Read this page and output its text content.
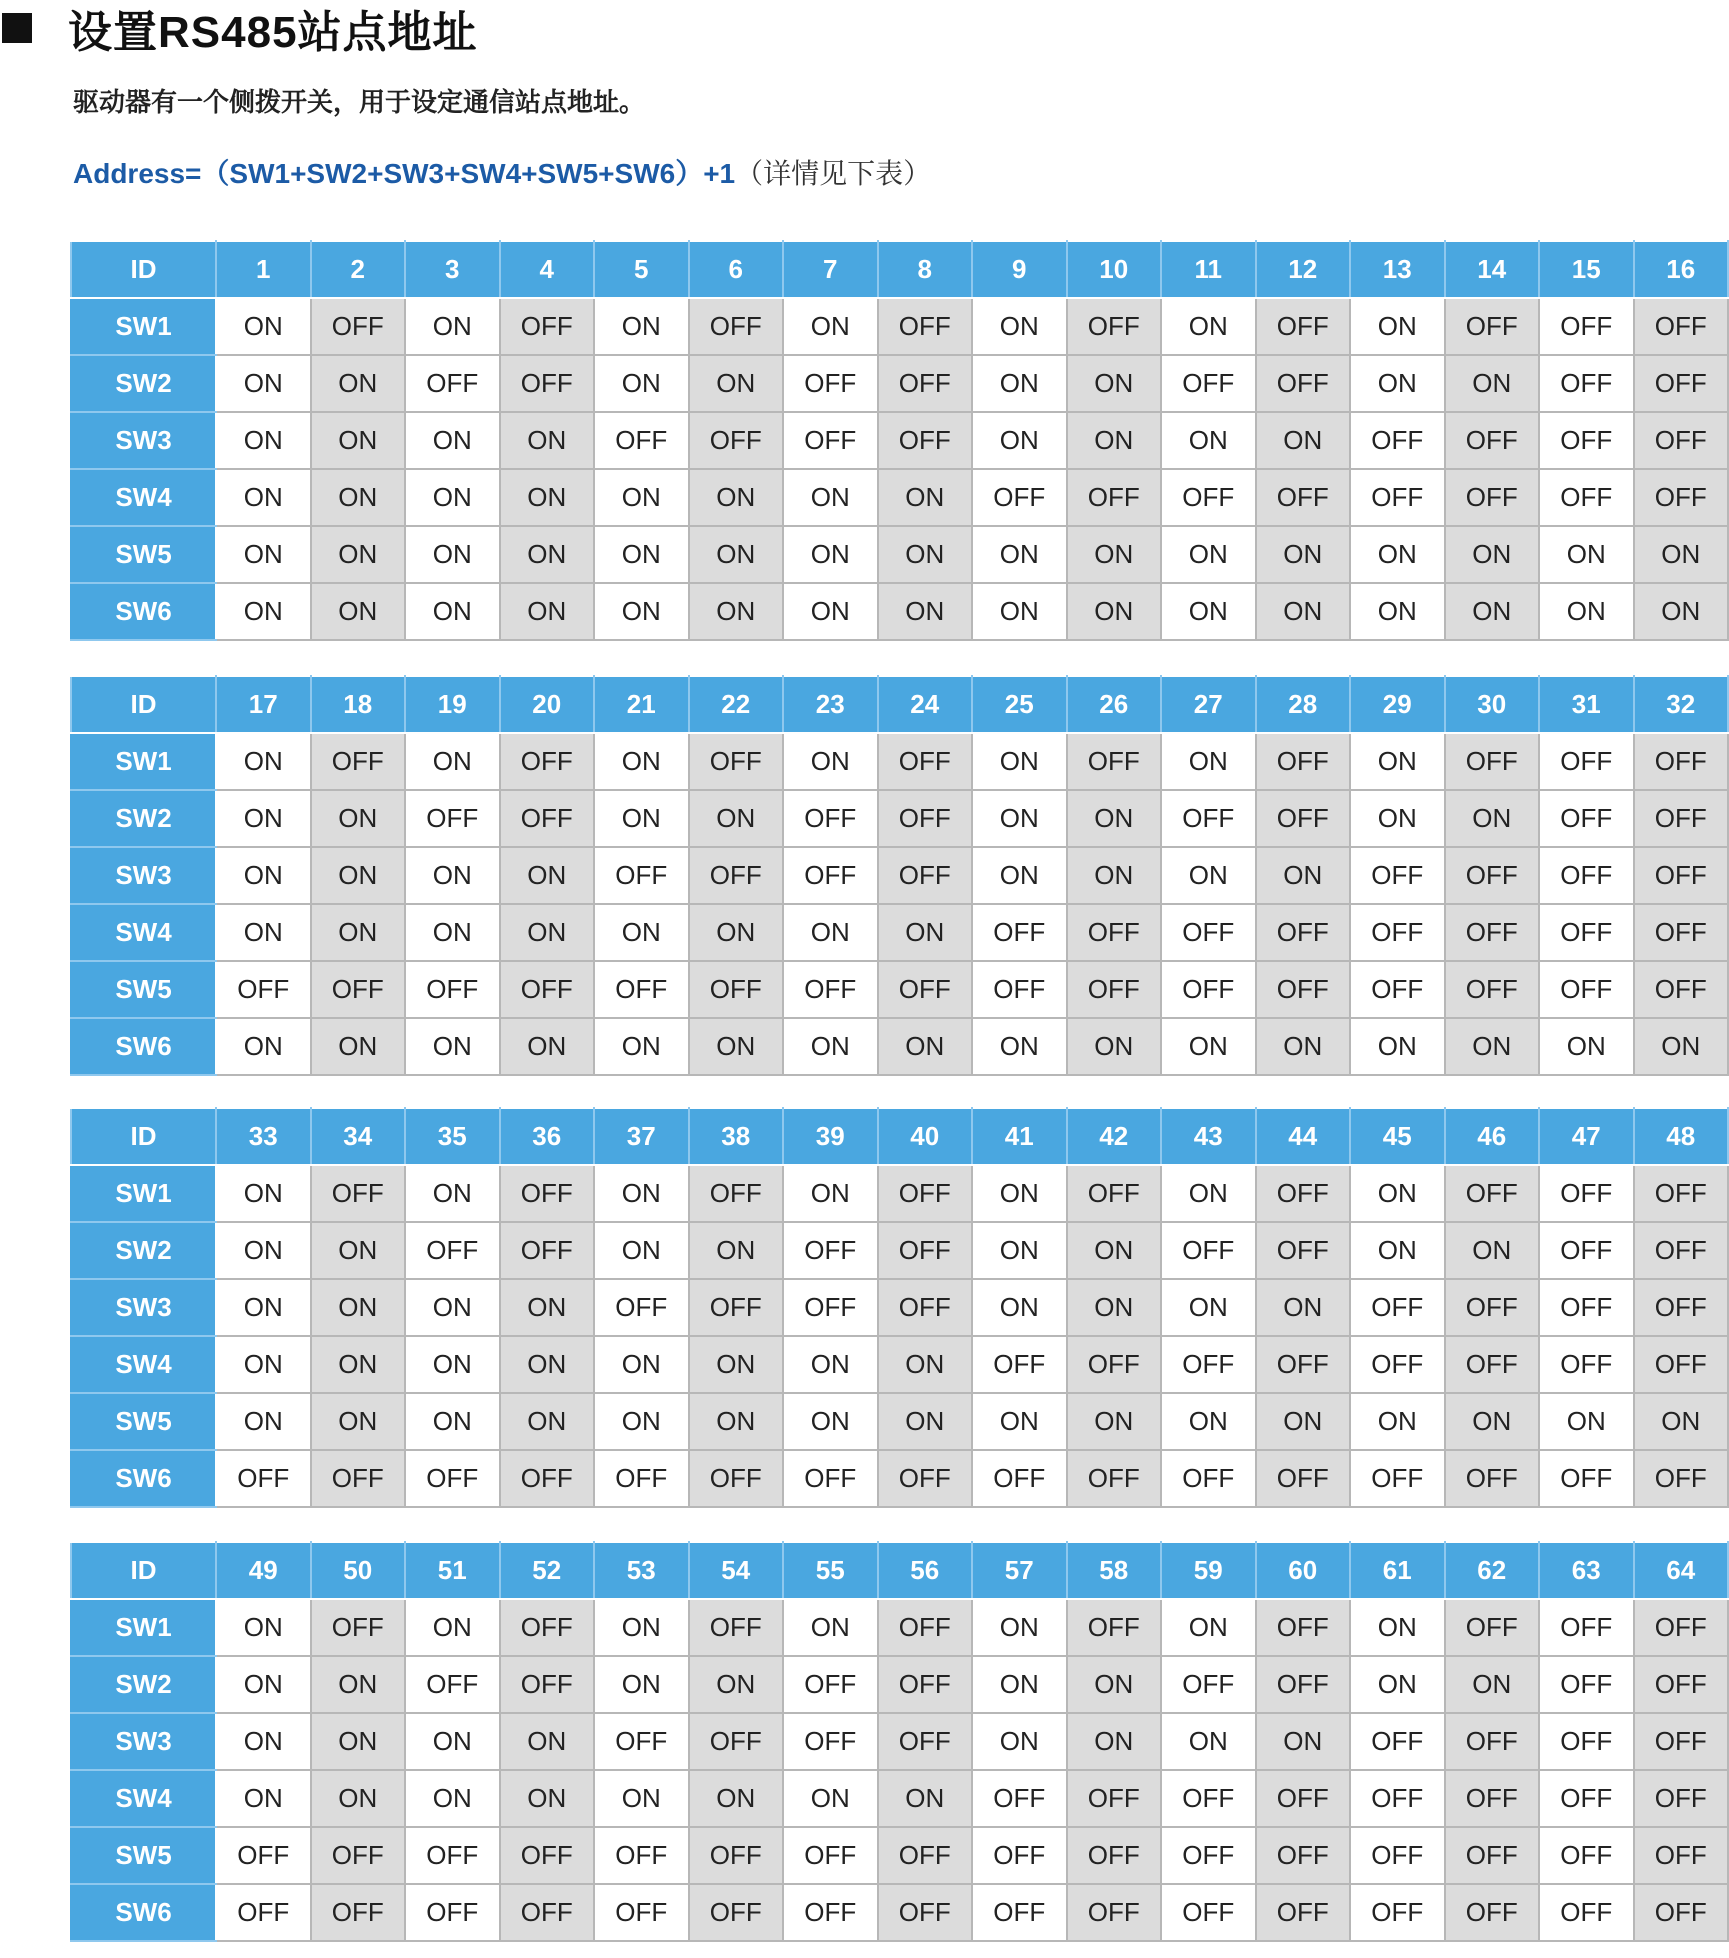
设置RS485站点地址
驱动器有一个侧拨开关，用于设定通信站点地址。
Address=（SW1+SW2+SW3+SW4+SW5+SW6）+1（详情见下表）
ID	1	2	3	4	5	6	7	8	9	10	11	12	13	14	15	16
SW1	ON	OFF	ON	OFF	ON	OFF	ON	OFF	ON	OFF	ON	OFF	ON	OFF	OFF	OFF
SW2	ON	ON	OFF	OFF	ON	ON	OFF	OFF	ON	ON	OFF	OFF	ON	ON	OFF	OFF
SW3	ON	ON	ON	ON	OFF	OFF	OFF	OFF	ON	ON	ON	ON	OFF	OFF	OFF	OFF
SW4	ON	ON	ON	ON	ON	ON	ON	ON	OFF	OFF	OFF	OFF	OFF	OFF	OFF	OFF
SW5	ON	ON	ON	ON	ON	ON	ON	ON	ON	ON	ON	ON	ON	ON	ON	ON
SW6	ON	ON	ON	ON	ON	ON	ON	ON	ON	ON	ON	ON	ON	ON	ON	ON
ID	17	18	19	20	21	22	23	24	25	26	27	28	29	30	31	32
SW1	ON	OFF	ON	OFF	ON	OFF	ON	OFF	ON	OFF	ON	OFF	ON	OFF	OFF	OFF
SW2	ON	ON	OFF	OFF	ON	ON	OFF	OFF	ON	ON	OFF	OFF	ON	ON	OFF	OFF
SW3	ON	ON	ON	ON	OFF	OFF	OFF	OFF	ON	ON	ON	ON	OFF	OFF	OFF	OFF
SW4	ON	ON	ON	ON	ON	ON	ON	ON	OFF	OFF	OFF	OFF	OFF	OFF	OFF	OFF
SW5	OFF	OFF	OFF	OFF	OFF	OFF	OFF	OFF	OFF	OFF	OFF	OFF	OFF	OFF	OFF	OFF
SW6	ON	ON	ON	ON	ON	ON	ON	ON	ON	ON	ON	ON	ON	ON	ON	ON
ID	33	34	35	36	37	38	39	40	41	42	43	44	45	46	47	48
SW1	ON	OFF	ON	OFF	ON	OFF	ON	OFF	ON	OFF	ON	OFF	ON	OFF	OFF	OFF
SW2	ON	ON	OFF	OFF	ON	ON	OFF	OFF	ON	ON	OFF	OFF	ON	ON	OFF	OFF
SW3	ON	ON	ON	ON	OFF	OFF	OFF	OFF	ON	ON	ON	ON	OFF	OFF	OFF	OFF
SW4	ON	ON	ON	ON	ON	ON	ON	ON	OFF	OFF	OFF	OFF	OFF	OFF	OFF	OFF
SW5	ON	ON	ON	ON	ON	ON	ON	ON	ON	ON	ON	ON	ON	ON	ON	ON
SW6	OFF	OFF	OFF	OFF	OFF	OFF	OFF	OFF	OFF	OFF	OFF	OFF	OFF	OFF	OFF	OFF
ID	49	50	51	52	53	54	55	56	57	58	59	60	61	62	63	64
SW1	ON	OFF	ON	OFF	ON	OFF	ON	OFF	ON	OFF	ON	OFF	ON	OFF	OFF	OFF
SW2	ON	ON	OFF	OFF	ON	ON	OFF	OFF	ON	ON	OFF	OFF	ON	ON	OFF	OFF
SW3	ON	ON	ON	ON	OFF	OFF	OFF	OFF	ON	ON	ON	ON	OFF	OFF	OFF	OFF
SW4	ON	ON	ON	ON	ON	ON	ON	ON	OFF	OFF	OFF	OFF	OFF	OFF	OFF	OFF
SW5	OFF	OFF	OFF	OFF	OFF	OFF	OFF	OFF	OFF	OFF	OFF	OFF	OFF	OFF	OFF	OFF
SW6	OFF	OFF	OFF	OFF	OFF	OFF	OFF	OFF	OFF	OFF	OFF	OFF	OFF	OFF	OFF	OFF
